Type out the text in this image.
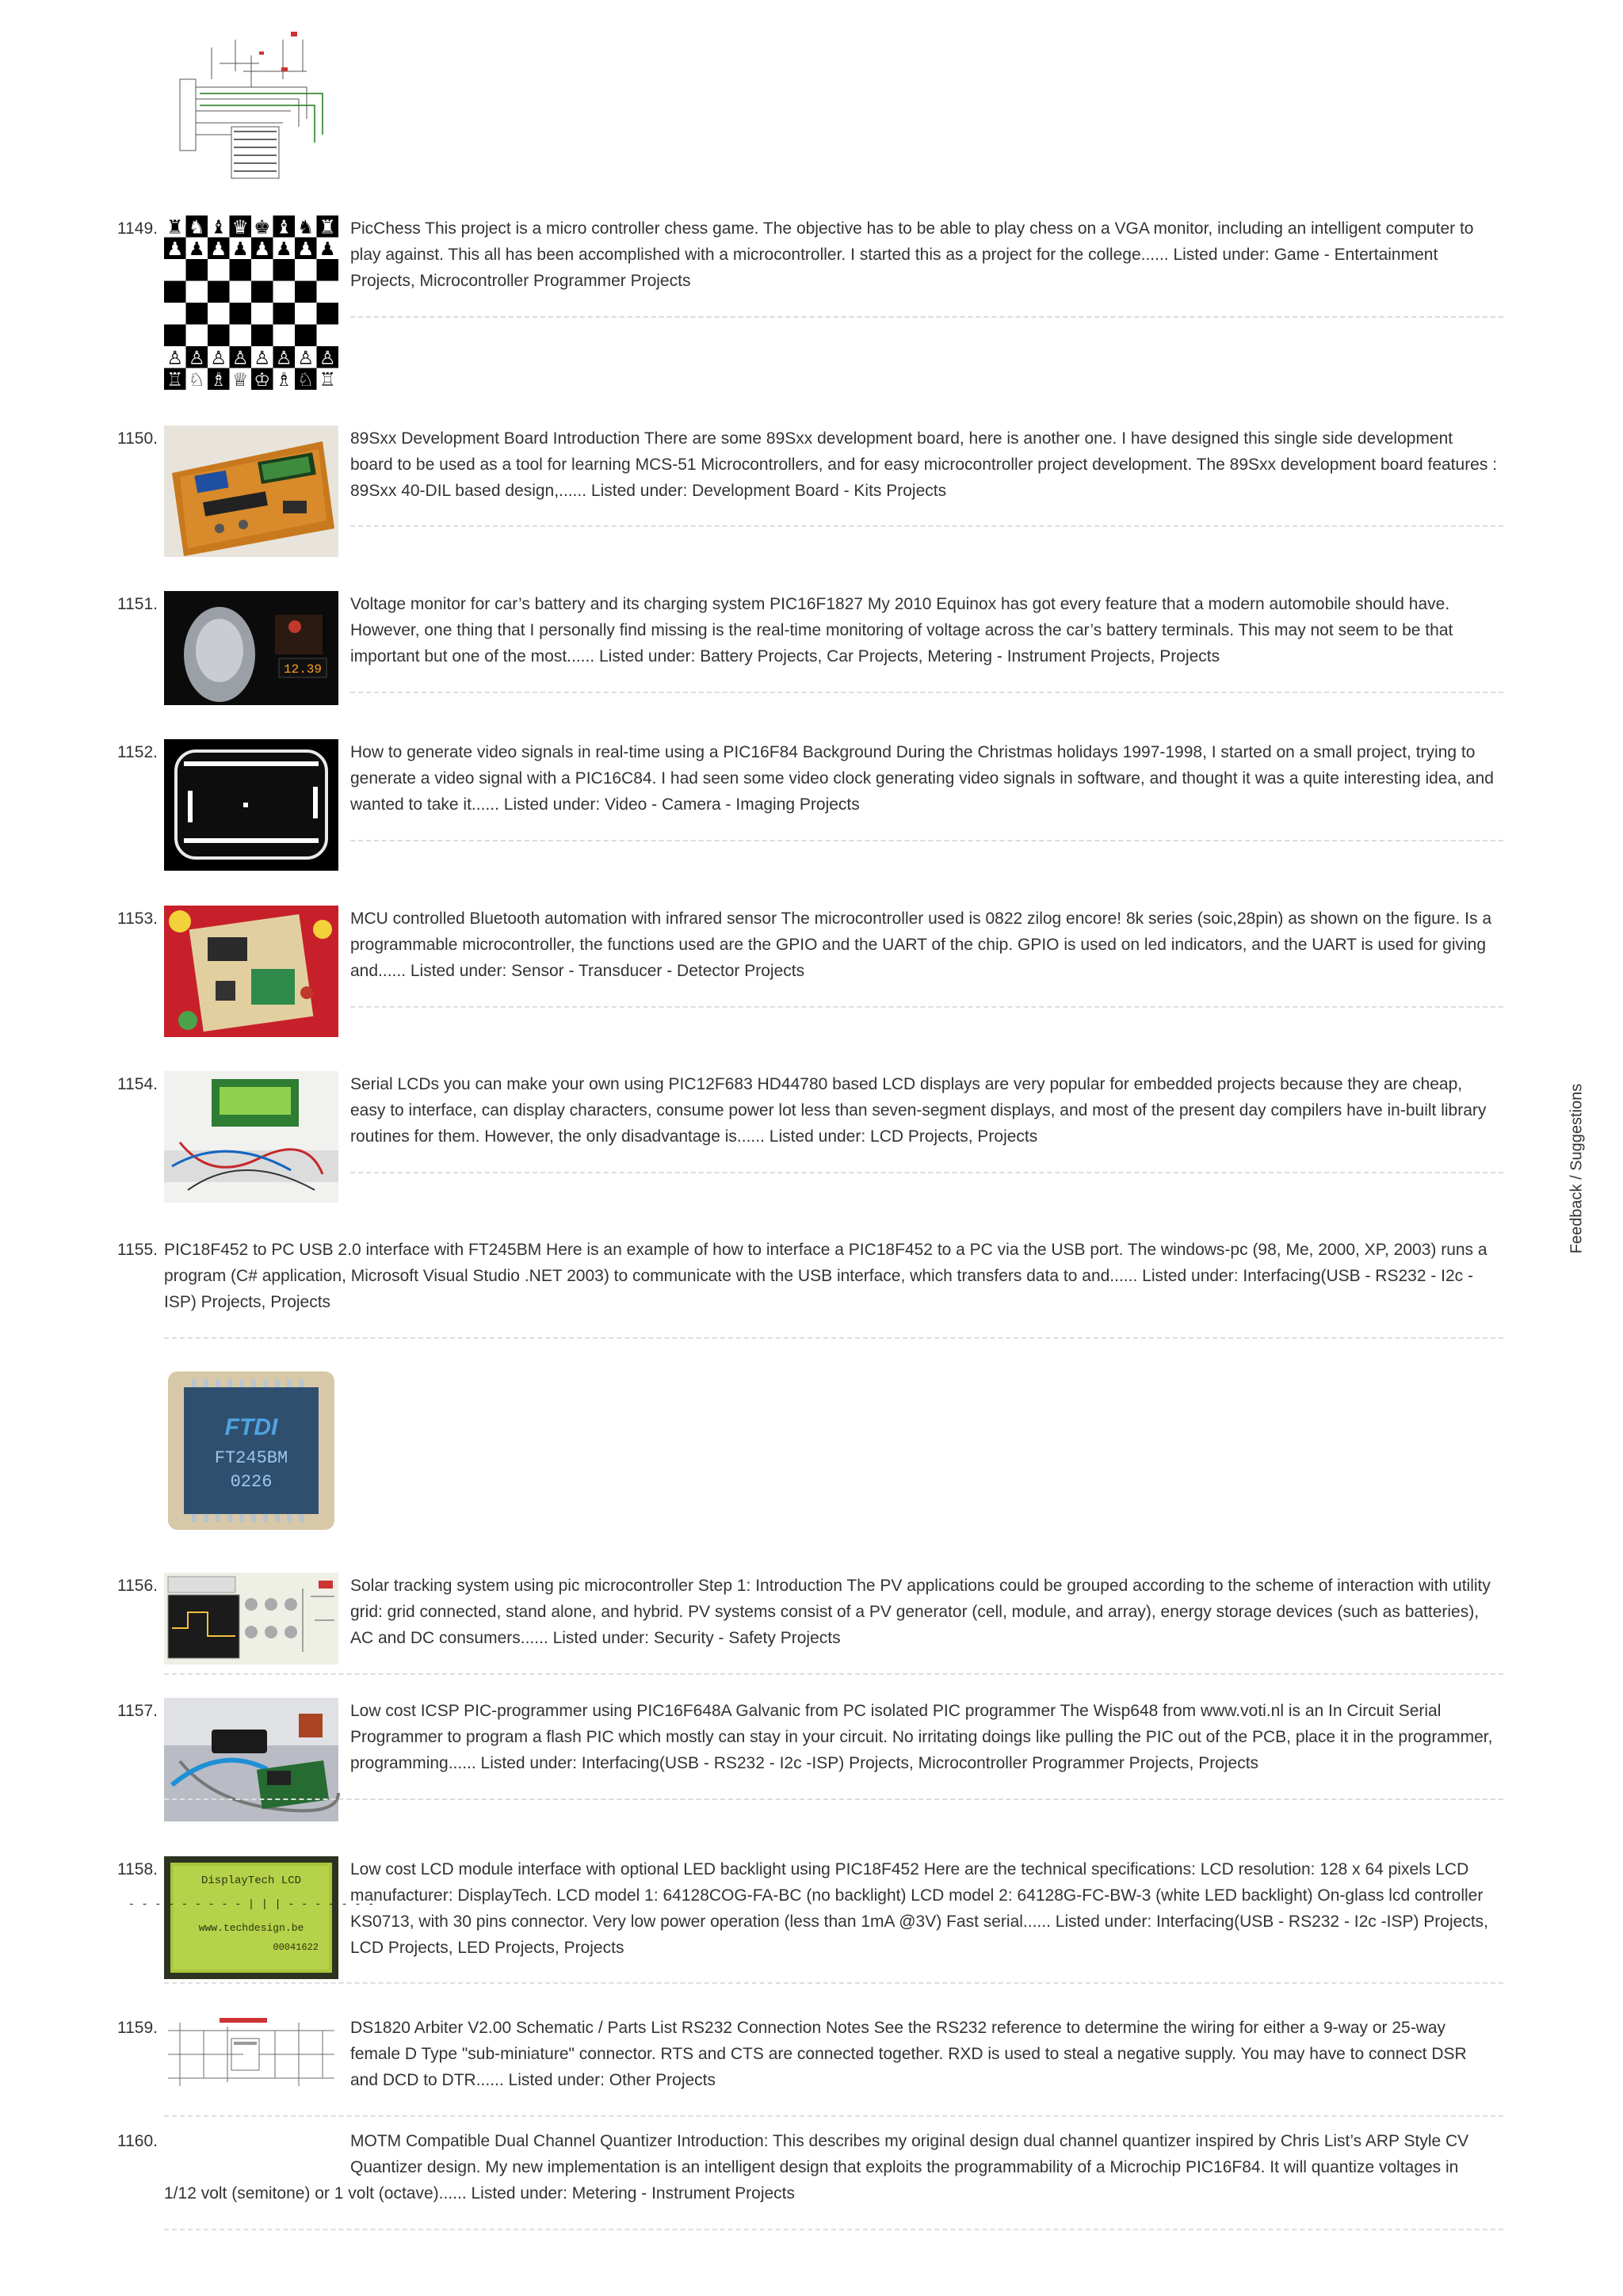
1149.	PicChess This project is a micro controller chess game. The objective has to be able to play chess on a VGA monitor, including an intelligent computer to play against. This all has been accomplished with a microcontroller. I started this as a project for the college...... Listed under: Game - Entertainment Projects, Microcontroller Programmer Projects
1150.	89Sxx Development Board Introduction There are some 89Sxx development board, here is another one. I have designed this single side development board to be used as a tool for learning MCS-51 Microcontrollers, and for easy microcontroller project development. The 89Sxx development board features : 89Sxx 40-DIL based design,...... Listed under: Development Board - Kits Projects
1151.
12.39
Voltage monitor for car’s battery and its charging system PIC16F1827 My 2010 Equinox has got every feature that a modern automobile should have. However, one thing that I personally find missing is the real-time monitoring of voltage across the car’s battery terminals. This may not seem to be that important but one of the most...... Listed under: Battery Projects, Car Projects, Metering - Instrument Projects, Projects
1152.	How to generate video signals in real-time using a PIC16F84 Background During the Christmas holidays 1997-1998, I started on a small project, trying to generate a video signal with a PIC16C84. I had seen some video clock generating video signals in software, and thought it was a quite interesting idea, and wanted to take it...... Listed under: Video - Camera - Imaging Projects
1153.	MCU controlled Bluetooth automation with infrared sensor The microcontroller used is 0822 zilog encore! 8k series (soic,28pin) as shown on the figure. Is a programmable microcontroller, the functions used are the GPIO and the UART of the chip. GPIO is used on led indicators, and the UART is used for giving and...... Listed under: Sensor - Transducer - Detector Projects
1154.	Serial LCDs you can make your own using PIC12F683 HD44780 based LCD displays are very popular for embedded projects because they are cheap, easy to interface, can display characters, consume power lot less than seven-segment displays, and most of the present day compilers have in-built library routines for them. However, the only disadvantage is...... Listed under: LCD Projects, Projects
1155. PIC18F452 to PC USB 2.0 interface with FT245BM Here is an example of how to interface a PIC18F452 to a PC via the USB port. The windows-pc (98, Me, 2000, XP, 2003) runs a program (C# application, Microsoft Visual Studio .NET 2003) to communicate with the USB interface, which transfers data to and...... Listed under: Interfacing(USB - RS232 - I2c -ISP) Projects, Projects
FTDI
FT245BM
0226
1156.	Solar tracking system using pic microcontroller Step 1: Introduction The PV applications could be grouped according to the scheme of interaction with utility grid: grid connected, stand alone, and hybrid. PV systems consist of a PV generator (cell, module, and array), energy storage devices (such as batteries), AC and DC consumers...... Listed under: Security - Safety Projects
1157.	Low cost ICSP PIC-programmer using PIC16F648A Galvanic from PC isolated PIC programmer The Wisp648 from www.voti.nl is an In Circuit Serial Programmer to program a flash PIC which mostly can stay in your circuit. No irritating doings like pulling the PIC out of the PCB, place it in the programmer, programming...... Listed under: Interfacing(USB - RS232 - I2c -ISP) Projects, Microcontroller Programmer Projects, Projects
1158.
DisplayTech LCD
- - - - - - - - - | | | - - - - - - -
www.techdesign.be
00041622
Low cost LCD module interface with optional LED backlight using PIC18F452 Here are the technical specifications: LCD resolution: 128 x 64 pixels LCD manufacturer: DisplayTech. LCD model 1: 64128COG-FA-BC (no backlight) LCD model 2: 64128G-FC-BW-3 (white LED backlight) On-glass lcd controller KS0713, with 30 pins connector. Very low power operation (less than 1mA @3V) Fast serial...... Listed under: Interfacing(USB - RS232 - I2c -ISP) Projects, LCD Projects, LED Projects, Projects
1159.	DS1820 Arbiter V2.00 Schematic / Parts List RS232 Connection Notes See the RS232 reference to determine the wiring for either a 9-way or 25-way female D Type "sub-miniature" connector. RTS and CTS are connected together. RXD is used to steal a negative supply. You may have to connect DSR and DCD to DTR...... Listed under: Other Projects
1160.	MOTM Compatible Dual Channel Quantizer Introduction: This describes my original design dual channel quantizer inspired by Chris List’s ARP Style CV Quantizer design. My new implementation is an intelligent design that exploits the programmability of a Microchip PIC16F84. It will quantize voltages in
1/12 volt (semitone) or 1 volt (octave)...... Listed under: Metering - Instrument Projects
Feedback / Suggestions
